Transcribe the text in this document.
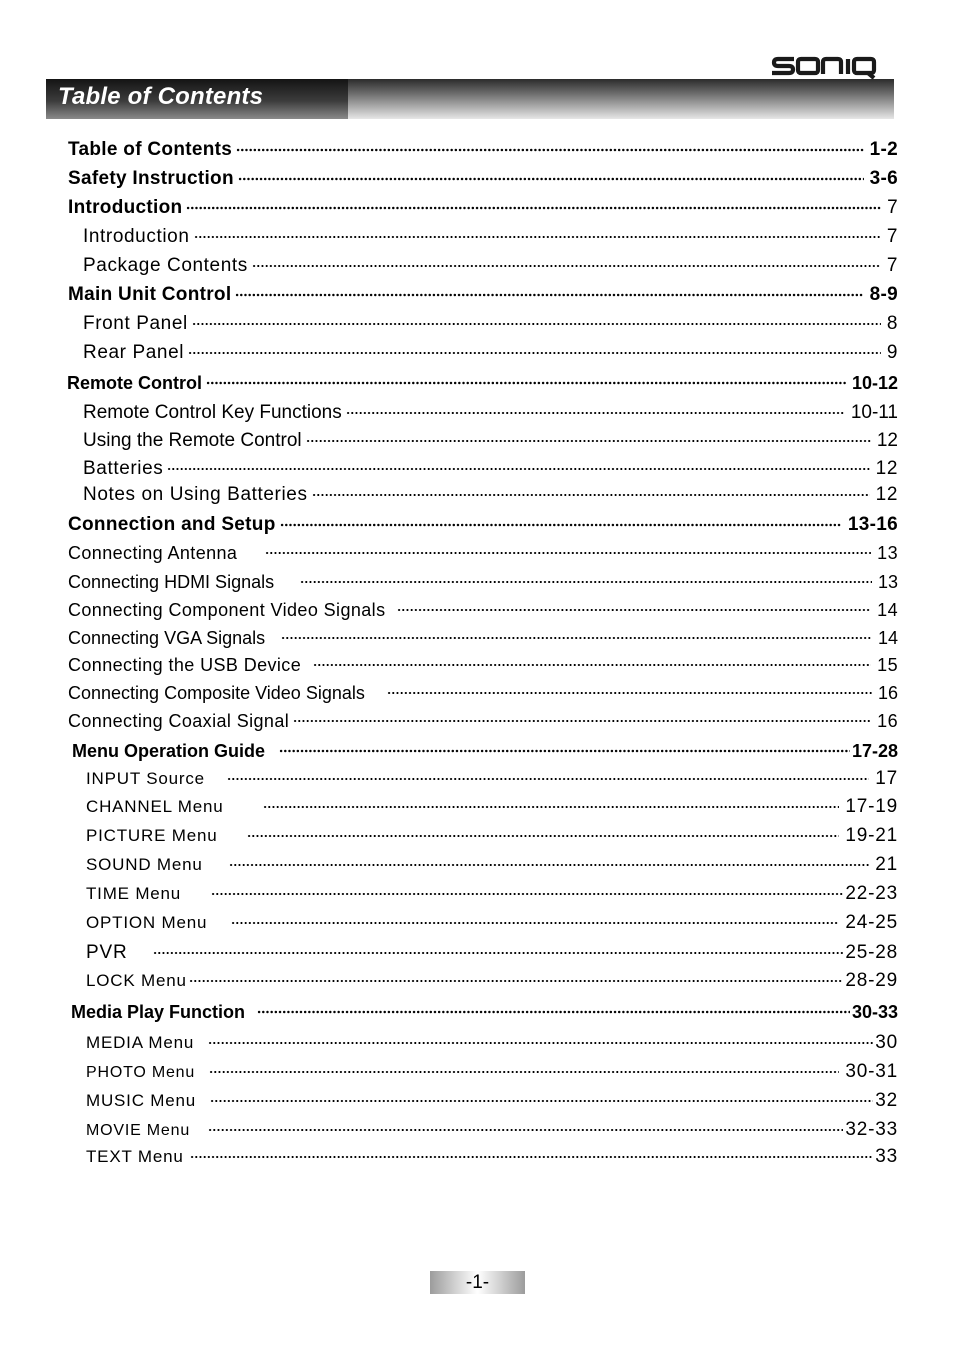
Table of Contents
Table of Contents	1-2
Safety Instruction	3-6
Introduction	7
Introduction	7
Package Contents	7
Main Unit Control	8-9
Front Panel	8
Rear Panel	9
Remote Control	10-12
Remote Control Key Functions	10-11
Using the Remote Control	12
Batteries	12
Notes on Using Batteries	12
Connection and Setup	13-16
Connecting Antenna	13
Connecting HDMI Signals	13
Connecting Component Video Signals	14
Connecting VGA Signals	14
Connecting the USB Device	15
Connecting Composite Video Signals	16
Connecting Coaxial Signal	16
Menu Operation Guide	17-28
INPUT Source	17
CHANNEL Menu	17-19
PICTURE Menu	19-21
SOUND Menu	21
TIME Menu	22-23
OPTION Menu	24-25
PVR	25-28
LOCK Menu	28-29
Media Play Function	30-33
MEDIA Menu	30
PHOTO Menu	30-31
MUSIC Menu	32
MOVIE Menu	32-33
TEXT Menu	33
-1-
